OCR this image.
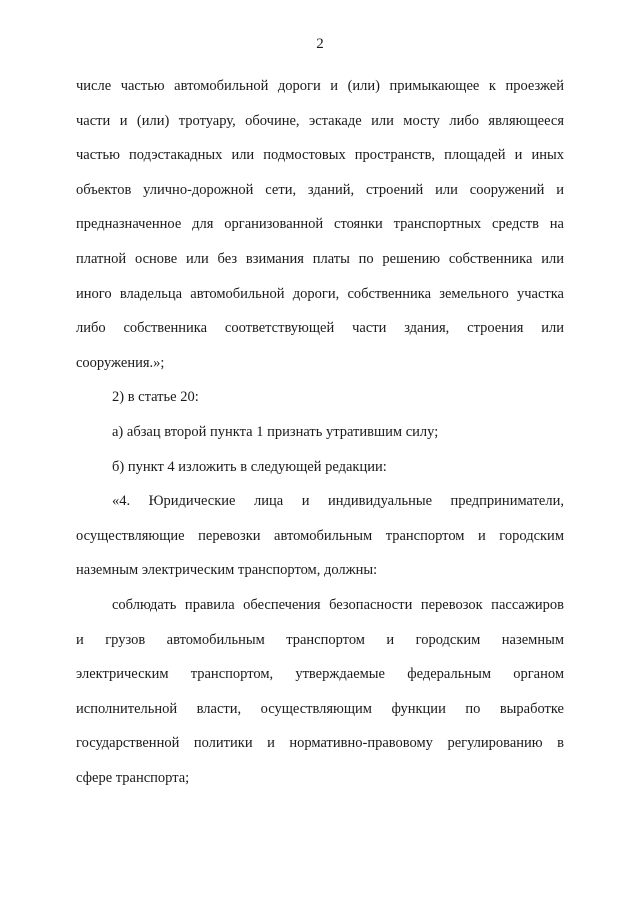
2
числе частью автомобильной дороги и (или) примыкающее к проезжей
части и (или) тротуару, обочине, эстакаде или мосту либо являющееся
частью подэстакадных или подмостовых пространств, площадей и иных
объектов улично-дорожной сети, зданий, строений или сооружений и
предназначенное для организованной стоянки транспортных средств на
платной основе или без взимания платы по решению собственника или
иного владельца автомобильной дороги, собственника земельного участка
либо собственника соответствующей части здания, строения или
сооружения.»;
2) в статье 20:
а) абзац второй пункта 1 признать утратившим силу;
б) пункт 4 изложить в следующей редакции:
«4. Юридические лица и индивидуальные предприниматели,
осуществляющие перевозки автомобильным транспортом и городским
наземным электрическим транспортом, должны:
соблюдать правила обеспечения безопасности перевозок пассажиров
и грузов автомобильным транспортом и городским наземным
электрическим транспортом, утверждаемые федеральным органом
исполнительной власти, осуществляющим функции по выработке
государственной политики и нормативно-правовому регулированию в
сфере транспорта;
